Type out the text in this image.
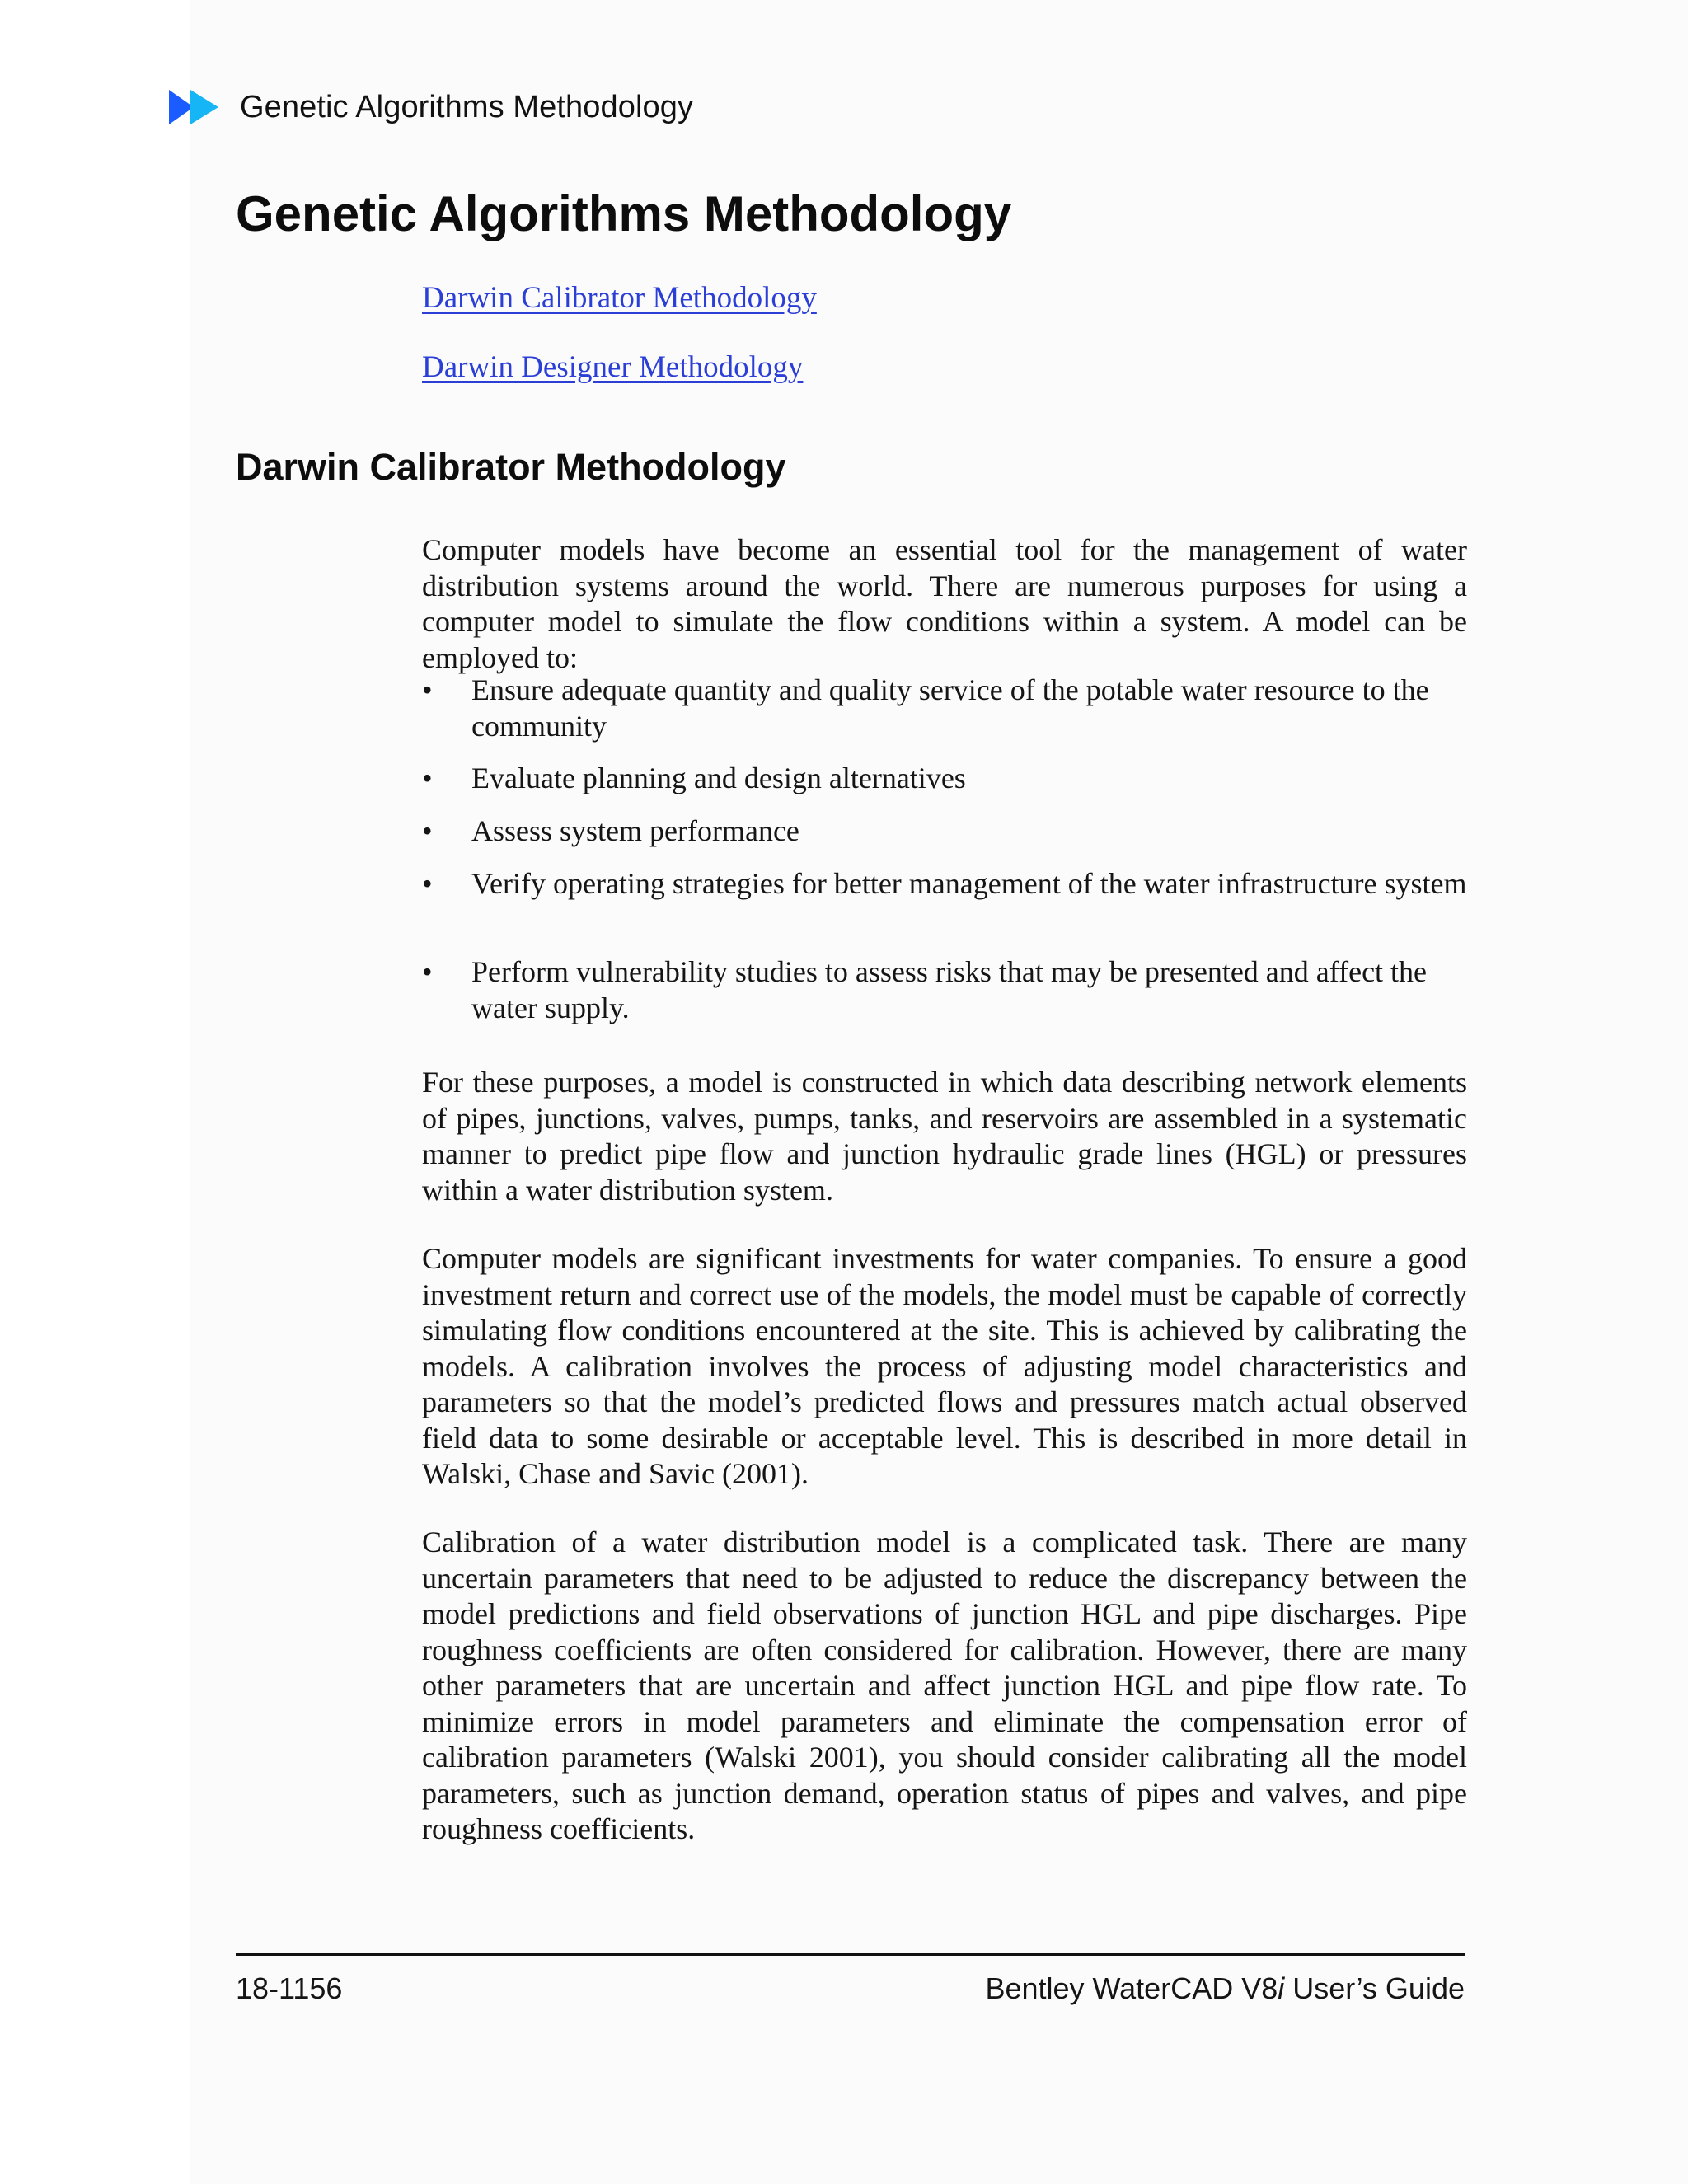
Genetic Algorithms Methodology
Genetic Algorithms Methodology
Darwin Calibrator Methodology
Darwin Designer Methodology
Darwin Calibrator Methodology

Computer models have become an essential tool for the management of water distribution systems around the world. There are numerous purposes for using a computer model to simulate the flow conditions within a system. A model can be employed to:

• Ensure adequate quantity and quality service of the potable water resource to the community
• Evaluate planning and design alternatives
• Assess system performance
• Verify operating strategies for better management of the water infrastructure system
• Perform vulnerability studies to assess risks that may be presented and affect the water supply.

For these purposes, a model is constructed in which data describing network elements of pipes, junctions, valves, pumps, tanks, and reservoirs are assembled in a systematic manner to predict pipe flow and junction hydraulic grade lines (HGL) or pressures within a water distribution system.

Computer models are significant investments for water companies. To ensure a good investment return and correct use of the models, the model must be capable of correctly simulating flow conditions encountered at the site. This is achieved by calibrating the models. A calibration involves the process of adjusting model characteristics and parameters so that the model’s predicted flows and pressures match actual observed field data to some desirable or acceptable level. This is described in more detail in Walski, Chase and Savic (2001).

Calibration of a water distribution model is a complicated task. There are many uncertain parameters that need to be adjusted to reduce the discrepancy between the model predictions and field observations of junction HGL and pipe discharges. Pipe roughness coefficients are often considered for calibration. However, there are many other parameters that are uncertain and affect junction HGL and pipe flow rate. To minimize errors in model parameters and eliminate the compensation error of calibration parameters (Walski 2001), you should consider calibrating all the model parameters, such as junction demand, operation status of pipes and valves, and pipe roughness coefficients.

18-1156	Bentley WaterCAD V8i User’s Guide
